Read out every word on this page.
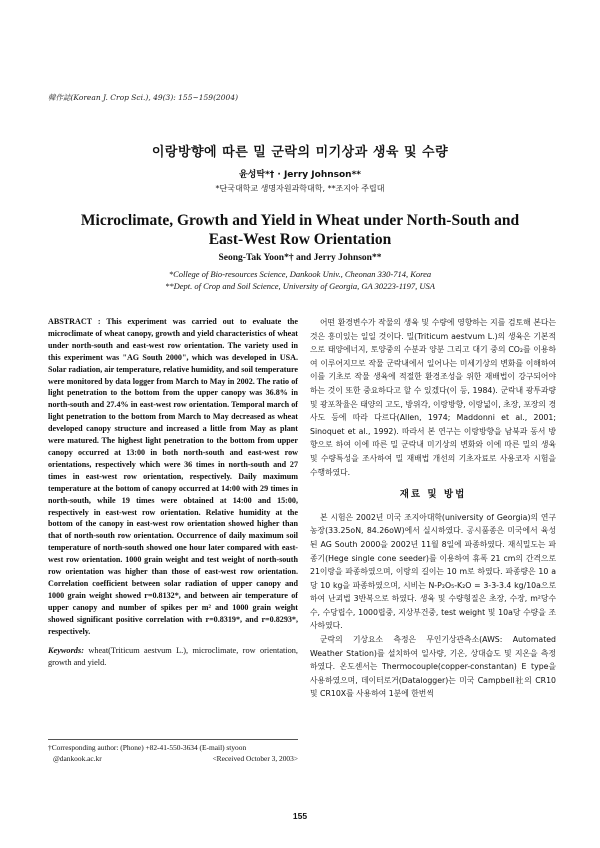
韓作誌(Korean J. Crop Sci.), 49(3): 155~159(2004)
이랑방향에 따른 밀 군락의 미기상과 생육 및 수량
윤성탁*† · Jerry Johnson**
*단국대학교 생명자원과학대학, **조지아 주립대
Microclimate, Growth and Yield in Wheat under North-South and
East-West Row Orientation
Seong-Tak Yoon*† and Jerry Johnson**
*College of Bio-resources Science, Dankook Univ., Cheonan 330-714, Korea
**Dept. of Crop and Soil Science, University of Georgia, GA 30223-1197, USA

ABSTRACT : This experiment was carried out to evaluate the microclimate of wheat canopy, growth and yield characteristics of wheat under north-south and east-west row orientation. The variety used in this experiment was "AG South 2000", which was developed in USA. Solar radiation, air temperature, relative humidity, and soil temperature were monitored by data logger from March to May in 2002. The ratio of light penetration to the bottom from the upper canopy was 36.8% in north-south and 27.4% in east-west row orientation. Temporal march of light penetration to the bottom from March to May decreased as wheat developed canopy structure and increased a little from May as plant were matured. The highest light penetration to the bottom from upper canopy occurred at 13:00 in both north-south and east-west row orientations, respectively which were 36 times in north-south and 27 times in east-west row orientation, respectively. Daily maximum temperature at the bottom of canopy occurred at 14:00 with 29 times in north-south, while 19 times were obtained at 14:00 and 15:00, respectively in east-west row orientation. Relative humidity at the bottom of the canopy in east-west row orientation showed higher than that of north-south row orientation. Occurrence of daily maximum soil temperature of north-south showed one hour later compared with east-west row orientation. 1000 grain weight and test weight of north-south row orientation was higher than those of east-west row orientation. Correlation coefficient between solar radiation of upper canopy and 1000 grain weight showed r=0.8132*, and between air temperature of upper canopy and number of spikes per m² and 1000 grain weight showed significant positive correlation with r=0.8319*, and r=0.8293*, respectively.

Keywords: wheat(Triticum aestvum L.), microclimate, row orientation, growth and yield.

†Corresponding author: (Phone) +82-41-550-3634 (E-mail) styoon
@dankook.ac.kr	<Received October 3, 2003>

어떤 환경변수가 작물의 생육 및 수량에 영향하는 지를 검토해 본다는 것은 흥미있는 일일 것이다. 밀(Triticum aestvum L.)의 생육은 기본적으로 태양에너지, 토양중의 수분과 양분 그리고 대기 중의 CO₂를 이용하여 이루어지므로 작물 군락내에서 일어나는 미세기상의 변화를 이해하여 이를 기초로 작물 생육에 적절한 환경조성을 위한 재배법이 강구되어야 하는 것이 또한 중요하다고 할 수 있겠다(이 등, 1984). 군락내 광투과량 및 광포착율은 태양의 고도, 방위각, 이랑방향, 이랑넓이, 초장, 포장의 경사도 등에 따라 다르다(Allen, 1974; Maddonni et al., 2001; Sinoquet et al., 1992). 따라서 본 연구는 이랑방향을 남북과 동서 방향으로 하여 이에 따른 밀 군락내 미기상의 변화와 이에 따른 밀의 생육 및 수량특성을 조사하여 밀 재배법 개선의 기초자료로 사용코자 시험을 수행하였다.

재료 및 방법

본 시험은 2002년 미국 조지아대학(university of Georgia)의 연구농장(33.25oN, 84.26oW)에서 실시하였다. 공시품종은 미국에서 육성된 AG South 2000을 2002년 11월 8일에 파종하였다. 재식밀도는 파종기(Hege single cone seeder)를 이용하여 휴폭 21 cm의 간격으로 21이랑을 파종하였으며, 이랑의 길이는 10 m로 하였다. 파종량은 10 a당 10 kg을 파종하였으며, 시비는 N-P₂O₅-K₂O = 3-3-3.4 kg/10a으로 하여 난괴법 3반복으로 하였다. 생육 및 수량형질은 초장, 수장, m²당수수, 수당립수, 1000립중, 지상부건중, test weight 및 10a당 수량을 조사하였다.

군락의 기상요소 측정은 무인기상관측소(AWS: Automated Weather Station)를 설치하여 일사량, 기온, 상대습도 및 지온을 측정하였다. 온도센서는 Thermocouple(copper-constantan) E type을 사용하였으며, 데이터로거(Datalogger)는 미국 Campbell社의 CR10 및 CR10X를 사용하여 1분에 한번씩

155
